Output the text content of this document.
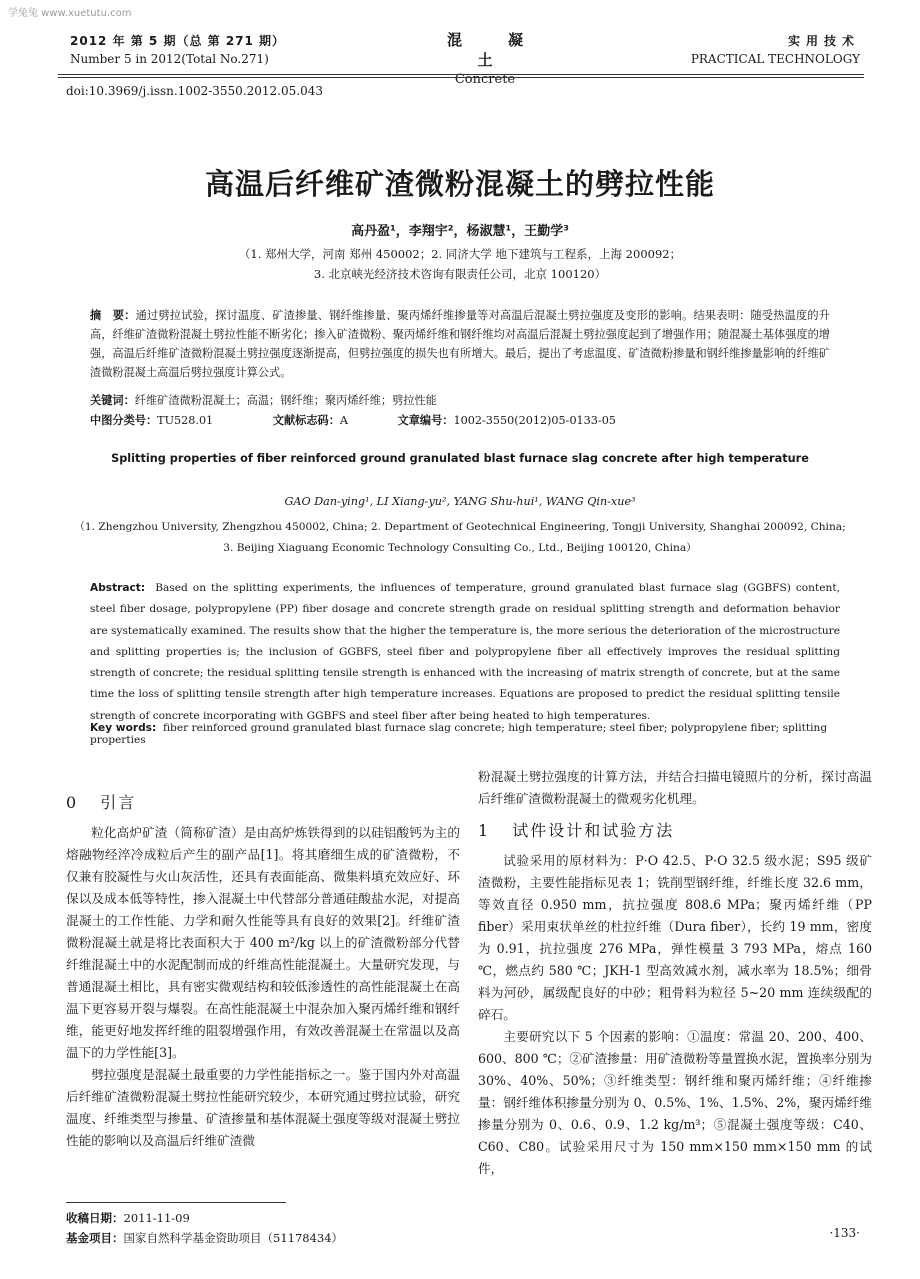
学兔兔 www.xuetutu.com
2012 年 第 5 期（总 第 271 期）
Number 5 in 2012(Total No.271)
混凝土
Concrete
实用技术
PRACTICAL TECHNOLOGY
doi:10.3969/j.issn.1002-3550.2012.05.043
高温后纤维矿渣微粉混凝土的劈拉性能
高丹盈¹，李翔宇²，杨淑慧¹，王勤学³
（1. 郑州大学，河南 郑州 450002；2. 同济大学 地下建筑与工程系，上海 200092；
3. 北京峡光经济技术咨询有限责任公司，北京 100120）
摘　要：通过劈拉试验，探讨温度、矿渣掺量、钢纤维掺量、聚丙烯纤维掺量等对高温后混凝土劈拉强度及变形的影响。结果表明：随受热温度的升高，纤维矿渣微粉混凝土劈拉性能不断劣化；掺入矿渣微粉、聚丙烯纤维和钢纤维均对高温后混凝土劈拉强度起到了增强作用；随混凝土基体强度的增强，高温后纤维矿渣微粉混凝土劈拉强度逐渐提高，但劈拉强度的损失也有所增大。最后，提出了考虑温度、矿渣微粉掺量和钢纤维掺量影响的纤维矿渣微粉混凝土高温后劈拉强度计算公式。
关键词：纤维矿渣微粉混凝土；高温；钢纤维；聚丙烯纤维；劈拉性能
中图分类号：TU528.01	文献标志码：A	文章编号：1002-3550(2012)05-0133-05
Splitting properties of fiber reinforced ground granulated blast furnace slag concrete after high temperature
GAO Dan-ying¹, LI Xiang-yu², YANG Shu-hui¹, WANG Qin-xue³
（1. Zhengzhou University, Zhengzhou 450002, China; 2. Department of Geotechnical Engineering, Tongji University, Shanghai 200092, China;
3. Beijing Xiaguang Economic Technology Consulting Co., Ltd., Beijing 100120, China）
Abstract: Based on the splitting experiments, the influences of temperature, ground granulated blast furnace slag (GGBFS) content, steel fiber dosage, polypropylene (PP) fiber dosage and concrete strength grade on residual splitting strength and deformation behavior are systematically examined. The results show that the higher the temperature is, the more serious the deterioration of the microstructure and splitting properties is; the inclusion of GGBFS, steel fiber and polypropylene fiber all effectively improves the residual splitting strength of concrete; the residual splitting tensile strength is enhanced with the increasing of matrix strength of concrete, but at the same time the loss of splitting tensile strength after high temperature increases. Equations are proposed to predict the residual splitting tensile strength of concrete incorporating with GGBFS and steel fiber after being heated to high temperatures.
Key words: fiber reinforced ground granulated blast furnace slag concrete; high temperature; steel fiber; polypropylene fiber; splitting properties
0 引言

粒化高炉矿渣（简称矿渣）是由高炉炼铁得到的以硅铝酸钙为主的熔融物经淬冷成粒后产生的副产品[1]。将其磨细生成的矿渣微粉，不仅兼有胶凝性与火山灰活性，还具有表面能高、微集料填充效应好、环保以及成本低等特性，掺入混凝土中代替部分普通硅酸盐水泥，对提高混凝土的工作性能、力学和耐久性能等具有良好的效果[2]。纤维矿渣微粉混凝土就是将比表面积大于 400 m²/kg 以上的矿渣微粉部分代替纤维混凝土中的水泥配制而成的纤维高性能混凝土。大量研究发现，与普通混凝土相比，具有密实微观结构和较低渗透性的高性能混凝土在高温下更容易开裂与爆裂。在高性能混凝土中混杂加入聚丙烯纤维和钢纤维，能更好地发挥纤维的阻裂增强作用，有效改善混凝土在常温以及高温下的力学性能[3]。

劈拉强度是混凝土最重要的力学性能指标之一。鉴于国内外对高温后纤维矿渣微粉混凝土劈拉性能研究较少，本研究通过劈拉试验，研究温度、纤维类型与掺量、矿渣掺量和基体混凝土强度等级对混凝土劈拉性能的影响以及高温后纤维矿渣微

粉混凝土劈拉强度的计算方法，并结合扫描电镜照片的分析，探讨高温后纤维矿渣微粉混凝土的微观劣化机理。

1 试件设计和试验方法

试验采用的原材料为：P·O 42.5、P·O 32.5 级水泥；S95 级矿渣微粉，主要性能指标见表 1；铣削型钢纤维，纤维长度 32.6 mm，等效直径 0.950 mm，抗拉强度 808.6 MPa；聚丙烯纤维（PP fiber）采用束状单丝的杜拉纤维（Dura fiber），长约 19 mm，密度为 0.91，抗拉强度 276 MPa，弹性模量 3 793 MPa，熔点 160 ℃，燃点约 580 ℃；JKH-1 型高效减水剂，减水率为 18.5%；细骨料为河砂，属级配良好的中砂；粗骨料为粒径 5~20 mm 连续级配的碎石。

主要研究以下 5 个因素的影响：①温度：常温 20、200、400、600、800 ℃；②矿渣掺量：用矿渣微粉等量置换水泥，置换率分别为 30%、40%、50%；③纤维类型：钢纤维和聚丙烯纤维；④纤维掺量：钢纤维体积掺量分别为 0、0.5%、1%、1.5%、2%，聚丙烯纤维掺量分别为 0、0.6、0.9、1.2 kg/m³；⑤混凝土强度等级：C40、C60、C80。试验采用尺寸为 150 mm×150 mm×150 mm 的试件，

收稿日期：2011-11-09
基金项目：国家自然科学基金资助项目（51178434）	·133·
